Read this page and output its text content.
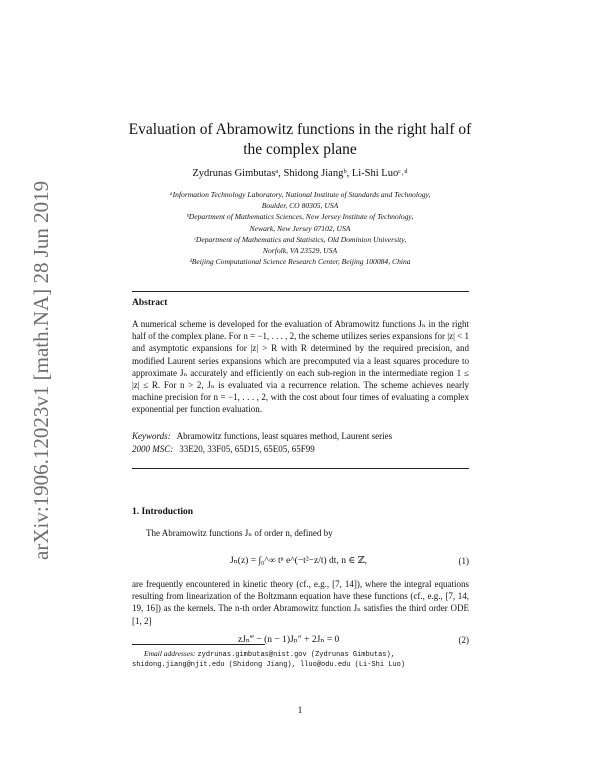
arXiv:1906.12023v1 [math.NA] 28 Jun 2019
Evaluation of Abramowitz functions in the right half of
the complex plane
Zydrunas Gimbutasᵃ, Shidong Jiangᵇ, Li-Shi Luoᶜ˒ᵈ

ᵃInformation Technology Laboratory, National Institute of Standards and Technology,

Boulder, CO 80305, USA

ᵇDepartment of Mathematics Sciences, New Jersey Institute of Technology,

Newark, New Jersey 07102, USA

ᶜDepartment of Mathematics and Statistics, Old Dominion University,

Norfolk, VA 23529, USA

ᵈBeijing Computational Science Research Center, Beijing 100084, China

Abstract
A numerical scheme is developed for the evaluation of Abramowitz functions Jₙ in the right half of the complex plane. For n = −1, . . . , 2, the scheme utilizes series expansions for |z| < 1 and asymptotic expansions for |z| > R with R determined by the required precision, and modified Laurent series expansions which are precomputed via a least squares procedure to approximate Jₙ accurately and efficiently on each sub-region in the intermediate region 1 ≤ |z| ≤ R. For n > 2, Jₙ is evaluated via a recurrence relation. The scheme achieves nearly machine precision for n = −1, . . . , 2, with the cost about four times of evaluating a complex exponential per function evaluation.
Keywords: Abramowitz functions, least squares method, Laurent series
2000 MSC: 33E20, 33F05, 65D15, 65E05, 65F99
1. Introduction
The Abramowitz functions Jₙ of order n, defined by
Jₙ(z) = ∫₀^∞ tⁿ e^(−t²−z/t) dt, n ∈ ℤ,	(1)
are frequently encountered in kinetic theory (cf., e.g., [7, 14]), where the integral equations resulting from linearization of the Boltzmann equation have these functions (cf., e.g., [7, 14, 19, 16]) as the kernels. The n-th order Abramowitz function Jₙ satisfies the third order ODE [1, 2]
zJₙ‴ − (n − 1)Jₙ″ + 2Jₙ = 0	(2)
Email addresses: zydrunas.gimbutas@nist.gov (Zydrunas Gimbutas),
shidong.jiang@njit.edu (Shidong Jiang), lluo@odu.edu (Li-Shi Luo)
1
